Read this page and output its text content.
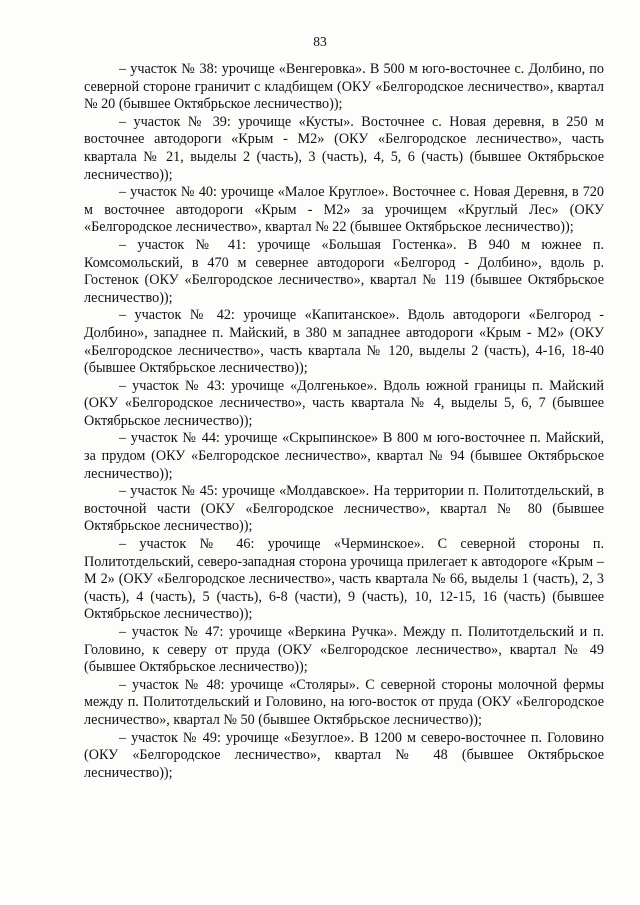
83

– участок № 38: урочище «Венгеровка». В 500 м юго-восточнее с. Долбино, по северной стороне граничит с кладбищем (ОКУ «Белгородское лесничество», квартал № 20 (бывшее Октябрьское лесничество));

– участок № 39: урочище «Кусты». Восточнее с. Новая деревня, в 250 м восточнее автодороги «Крым - М2» (ОКУ «Белгородское лесничество», часть квартала № 21, выделы 2 (часть), 3 (часть), 4, 5, 6 (часть) (бывшее Октябрьское лесничество));

– участок № 40: урочище «Малое Круглое». Восточнее с. Новая Деревня, в 720 м восточнее автодороги «Крым - М2» за урочищем «Круглый Лес» (ОКУ «Белгородское лесничество», квартал № 22 (бывшее Октябрьское лесничество));

– участок № 41: урочище «Большая Гостенка». В 940 м южнее п. Комсомольский, в 470 м севернее автодороги «Белгород - Долбино», вдоль р. Гостенок (ОКУ «Белгородское лесничество», квартал № 119 (бывшее Октябрьское лесничество));

– участок № 42: урочище «Капитанское». Вдоль автодороги «Белгород - Долбино», западнее п. Майский, в 380 м западнее автодороги «Крым - М2» (ОКУ «Белгородское лесничество», часть квартала № 120, выделы 2 (часть), 4-16, 18-40 (бывшее Октябрьское лесничество));

– участок № 43: урочище «Долгенькое». Вдоль южной границы п. Майский (ОКУ «Белгородское лесничество», часть квартала № 4, выделы 5, 6, 7 (бывшее Октябрьское лесничество));

– участок № 44: урочище «Скрыпинское» В 800 м юго-восточнее п. Майский, за прудом (ОКУ «Белгородское лесничество», квартал № 94 (бывшее Октябрьское лесничество));

– участок № 45: урочище «Молдавское». На территории п. Политотдельский, в восточной части (ОКУ «Белгородское лесничество», квартал № 80 (бывшее Октябрьское лесничество));

– участок № 46: урочище «Черминское». С северной стороны п. Политотдельский, северо-западная сторона урочища прилегает к автодороге «Крым – М 2» (ОКУ «Белгородское лесничество», часть квартала № 66, выделы 1 (часть), 2, 3 (часть), 4 (часть), 5 (часть), 6-8 (части), 9 (часть), 10, 12-15, 16 (часть) (бывшее Октябрьское лесничество));

– участок № 47: урочище «Веркина Ручка». Между п. Политотдельский и п. Головино, к северу от пруда (ОКУ «Белгородское лесничество», квартал № 49 (бывшее Октябрьское лесничество));

– участок № 48: урочище «Столяры». С северной стороны молочной фермы между п. Политотдельский и Головино, на юго-восток от пруда (ОКУ «Белгородское лесничество», квартал № 50 (бывшее Октябрьское лесничество));

– участок № 49: урочище «Безуглое». В 1200 м северо-восточнее п. Головино (ОКУ «Белгородское лесничество», квартал № 48 (бывшее Октябрьское лесничество));
